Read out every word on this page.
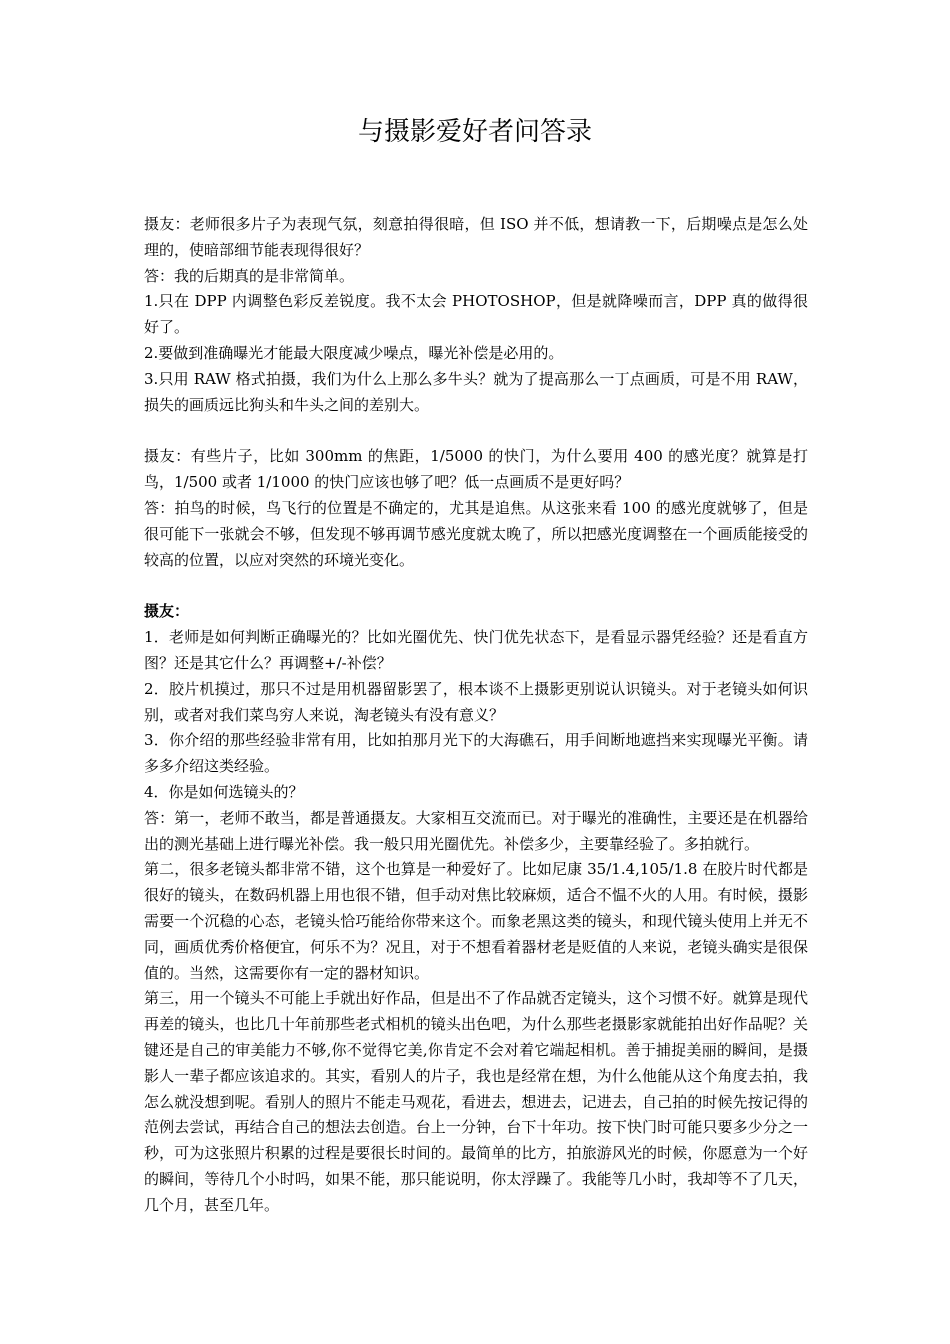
与摄影爱好者问答录

摄友：老师很多片子为表现气氛，刻意拍得很暗，但 ISO 并不低，想请教一下，后期噪点是怎么处理的，使暗部细节能表现得很好？

答：我的后期真的是非常简单。

1.只在 DPP 内调整色彩反差锐度。我不太会 PHOTOSHOP，但是就降噪而言，DPP 真的做得很好了。

2.要做到准确曝光才能最大限度减少噪点，曝光补偿是必用的。

3.只用 RAW 格式拍摄，我们为什么上那么多牛头？就为了提高那么一丁点画质，可是不用 RAW，损失的画质远比狗头和牛头之间的差别大。

摄友：有些片子，比如 300mm 的焦距，1/5000 的快门，为什么要用 400 的感光度？就算是打鸟，1/500 或者 1/1000 的快门应该也够了吧？低一点画质不是更好吗？

答：拍鸟的时候，鸟飞行的位置是不确定的，尤其是追焦。从这张来看 100 的感光度就够了，但是很可能下一张就会不够，但发现不够再调节感光度就太晚了，所以把感光度调整在一个画质能接受的较高的位置，以应对突然的环境光变化。

摄友：

1．老师是如何判断正确曝光的？比如光圈优先、快门优先状态下，是看显示器凭经验？还是看直方图？还是其它什么？再调整+/-补偿？

2．胶片机摸过，那只不过是用机器留影罢了，根本谈不上摄影更别说认识镜头。对于老镜头如何识别，或者对我们菜鸟穷人来说，淘老镜头有没有意义？

3．你介绍的那些经验非常有用，比如拍那月光下的大海礁石，用手间断地遮挡来实现曝光平衡。请多多介绍这类经验。

4．你是如何选镜头的？

答：第一，老师不敢当，都是普通摄友。大家相互交流而已。对于曝光的准确性，主要还是在机器给出的测光基础上进行曝光补偿。我一般只用光圈优先。补偿多少，主要靠经验了。多拍就行。

第二，很多老镜头都非常不错，这个也算是一种爱好了。比如尼康 35/1.4,105/1.8 在胶片时代都是很好的镜头，在数码机器上用也很不错，但手动对焦比较麻烦，适合不愠不火的人用。有时候，摄影需要一个沉稳的心态，老镜头恰巧能给你带来这个。而象老黑这类的镜头，和现代镜头使用上并无不同，画质优秀价格便宜，何乐不为？况且，对于不想看着器材老是贬值的人来说，老镜头确实是很保值的。当然，这需要你有一定的器材知识。

第三，用一个镜头不可能上手就出好作品，但是出不了作品就否定镜头，这个习惯不好。就算是现代再差的镜头，也比几十年前那些老式相机的镜头出色吧，为什么那些老摄影家就能拍出好作品呢？关键还是自己的审美能力不够,你不觉得它美,你肯定不会对着它端起相机。善于捕捉美丽的瞬间，是摄影人一辈子都应该追求的。其实，看别人的片子，我也是经常在想，为什么他能从这个角度去拍，我怎么就没想到呢。看别人的照片不能走马观花，看进去，想进去，记进去，自己拍的时候先按记得的范例去尝试，再结合自己的想法去创造。台上一分钟，台下十年功。按下快门时可能只要多少分之一秒，可为这张照片积累的过程是要很长时间的。最简单的比方，拍旅游风光的时候，你愿意为一个好的瞬间，等待几个小时吗，如果不能，那只能说明，你太浮躁了。我能等几小时，我却等不了几天，几个月，甚至几年。
